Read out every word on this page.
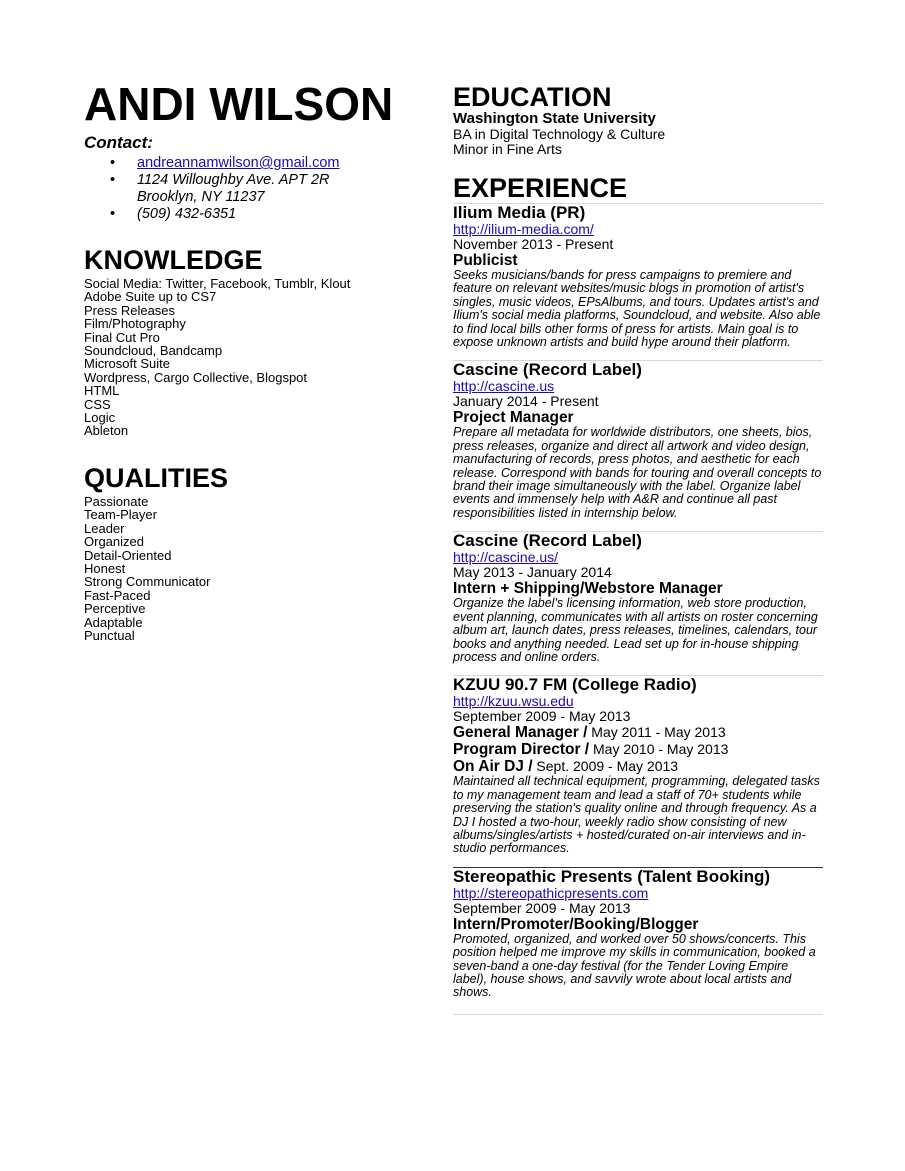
ANDI WILSON
Contact:
• andreannamwilson@gmail.com
• 1124 Willoughby Ave. APT 2R
Brooklyn, NY 11237
• (509) 432-6351
KNOWLEDGE
Social Media: Twitter, Facebook, Tumblr, Klout
Adobe Suite up to CS7
Press Releases
Film/Photography
Final Cut Pro
Soundcloud, Bandcamp
Microsoft Suite
Wordpress, Cargo Collective, Blogspot
HTML
CSS
Logic
Ableton
QUALITIES
Passionate
Team-Player
Leader
Organized
Detail-Oriented
Honest
Strong Communicator
Fast-Paced
Perceptive
Adaptable
Punctual
EDUCATION
Washington State University
BA in Digital Technology & Culture
Minor in Fine Arts
EXPERIENCE
Ilium Media (PR)
http://ilium-media.com/
November 2013 - Present
Publicist

Seeks musicians/bands for press campaigns to premiere and feature on relevant websites/music blogs in promotion of artist's singles, music videos, EPsAlbums, and tours. Updates artist's and Ilium's social media platforms, Soundcloud, and website. Also able to find local bills other forms of press for artists. Main goal is to expose unknown artists and build hype around their platform.

Cascine (Record Label)
http://cascine.us
January 2014 - Present
Project Manager

Prepare all metadata for worldwide distributors, one sheets, bios, press releases, organize and direct all artwork and video design, manufacturing of records, press photos, and aesthetic for each release. Correspond with bands for touring and overall concepts to brand their image simultaneously with the label. Organize label events and immensely help with A&R and continue all past responsibilities listed in internship below.

Cascine (Record Label)
http://cascine.us/
May 2013 - January 2014
Intern + Shipping/Webstore Manager

Organize the label's licensing information, web store production, event planning, communicates with all artists on roster concerning album art, launch dates, press releases, timelines, calendars, tour books and anything needed. Lead set up for in-house shipping process and online orders.

KZUU 90.7 FM (College Radio)
http://kzuu.wsu.edu
September 2009 - May 2013
General Manager / May 2011 - May 2013
Program Director / May 2010 - May 2013
On Air DJ / Sept. 2009 - May 2013

Maintained all technical equipment, programming, delegated tasks to my management team and lead a staff of 70+ students while preserving the station's quality online and through frequency. As a DJ I hosted a two-hour, weekly radio show consisting of new albums/singles/artists + hosted/curated on-air interviews and in-studio performances.

Stereopathic Presents (Talent Booking)
http://stereopathicpresents.com
September 2009 - May 2013
Intern/Promoter/Booking/Blogger

Promoted, organized, and worked over 50 shows/concerts. This position helped me improve my skills in communication, booked a seven-band a one-day festival (for the Tender Loving Empire label), house shows, and savvily wrote about local artists and shows.
